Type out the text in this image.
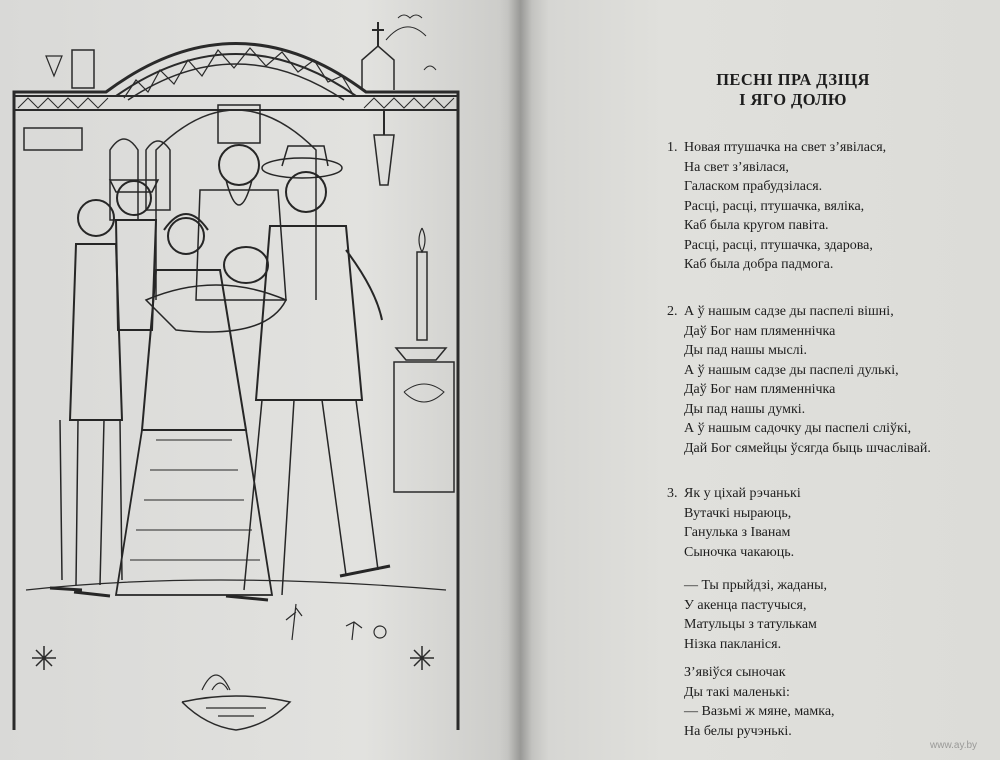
ПЕСНІ ПРА ДЗІЦЯ
І ЯГО ДОЛЮ
1. Новая птушачка на свет з’явілася,
На свет з’явілася,
Галаском прабудзілася.
Расці, расці, птушачка, вяліка,
Каб была кругом павіта.
Расці, расці, птушачка, здарова,
Каб была добра падмога.
2. А ў нашым садзе ды паспелі вішні,
Даў Бог нам пляменнічка
Ды пад нашы мыслі.
А ў нашым садзе ды паспелі дулькі,
Даў Бог нам пляменнічка
Ды пад нашы думкі.
А ў нашым садочку ды паспелі сліўкі,
Дай Бог сямейцы ўсягда быць шчаслівай.
3. Як у ціхай рэчанькі
Вутачкі ныраюць,
Ганулька з Іванам
Сыночка чакаюць.
— Ты прыйдзі, жаданы,
У акенца пастучыся,
Матульцы з татулькам
Нізка пакланіся.
З’явіўся сыночак
Ды такі маленькі:
— Вазьмі ж мяне, мамка,
На белы ручэнькі.
www.ay.by
